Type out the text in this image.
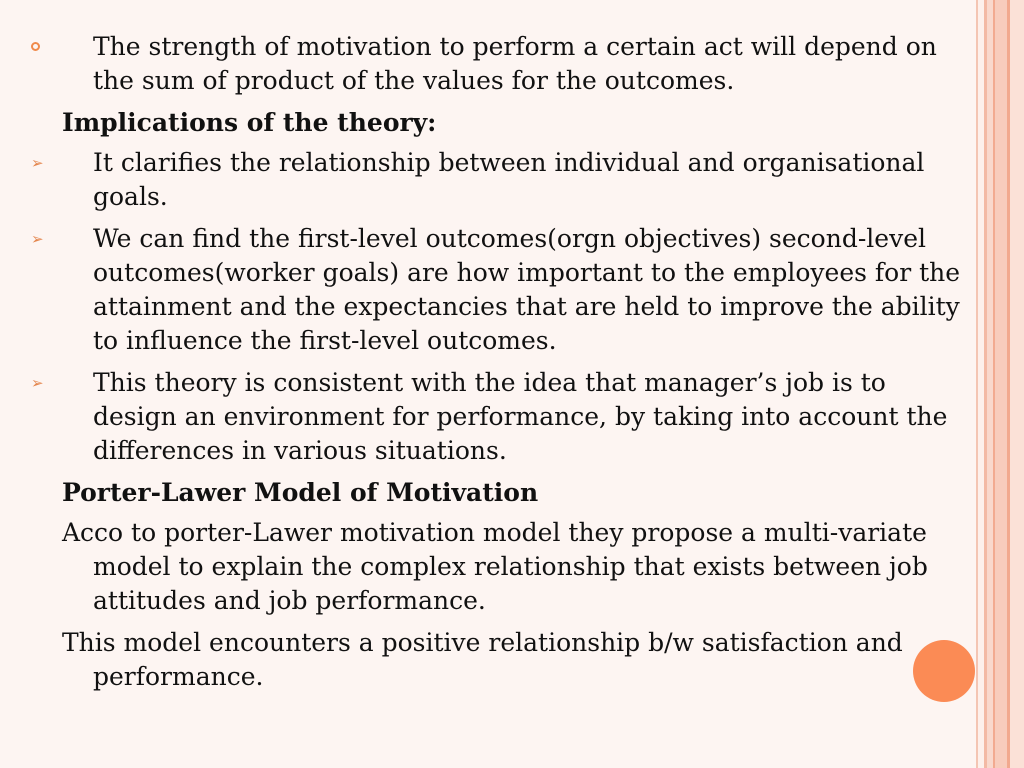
The strength of motivation to perform a certain act will depend on the sum of product of the values for the outcomes.

Implications of the theory:

➢ It clarifies the relationship between individual and organisational goals.

➢ We can find the first-level outcomes(orgn objectives) second-level outcomes(worker goals) are how important to the employees for the attainment and the expectancies that are held to improve the ability to influence the first-level outcomes.

➢ This theory is consistent with the idea that manager’s job is to design an environment for performance, by taking into account the differences in various situations.

Porter-Lawer Model of Motivation

Acco to porter-Lawer motivation model they propose a multi-variate model to explain the complex relationship that exists between job attitudes and job performance.

This model encounters a positive relationship b/w satisfaction and performance.
